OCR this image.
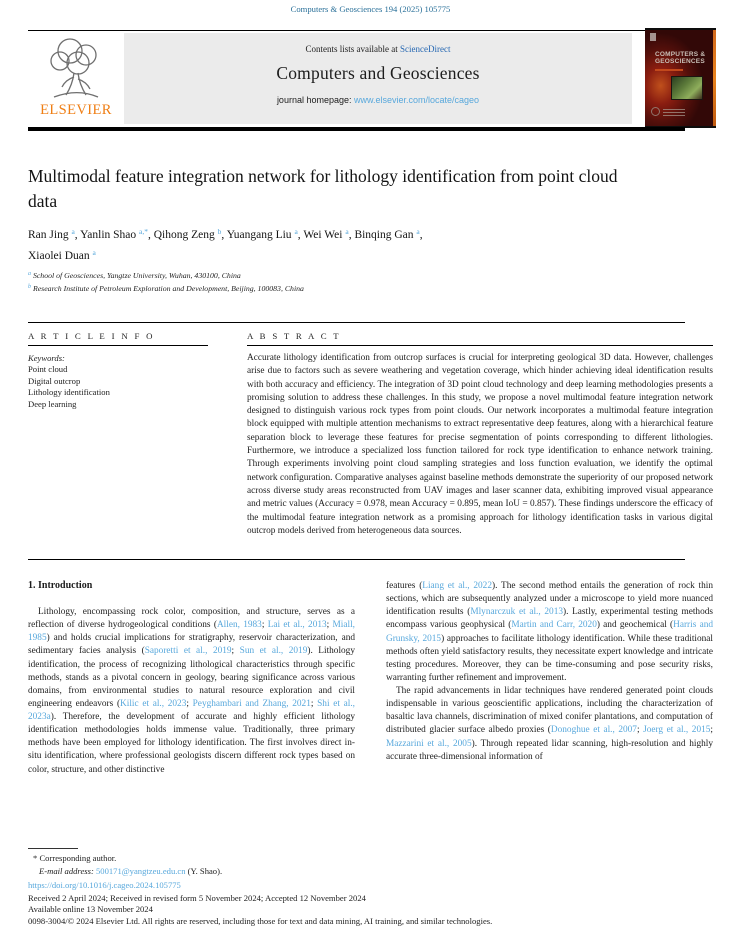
Computers & Geosciences 194 (2025) 105775
ELSEVIER
Contents lists available at ScienceDirect
Computers and Geosciences
journal homepage: www.elsevier.com/locate/cageo
COMPUTERS & GEOSCIENCES
Multimodal feature integration network for lithology identification from point cloud data
Ran Jing $^a$, Yanlin Shao $^{a,*}$, Qihong Zeng $^b$, Yuangang Liu $^a$, Wei Wei $^a$, Binqing Gan $^a$,
Xiaolei Duan $^a$
$^a$ School of Geosciences, Yangtze University, Wuhan, 430100, China
$^b$ Research Institute of Petroleum Exploration and Development, Beijing, 100083, China
A R T I C L E I N F O	A B S T R A C T
Keywords:
Point cloud
Digital outcrop
Lithology identification
Deep learning
Accurate lithology identification from outcrop surfaces is crucial for interpreting geological 3D data. However, challenges arise due to factors such as severe weathering and vegetation coverage, which hinder achieving ideal identification results with both accuracy and efficiency. The integration of 3D point cloud technology and deep learning methodologies presents a promising solution to address these challenges. In this study, we propose a novel multimodal feature integration network designed to distinguish various rock types from point clouds. Our network incorporates a multimodal feature integration block equipped with multiple attention mechanisms to extract representative deep features, along with a hierarchical feature separation block to leverage these features for precise segmentation of points corresponding to different lithologies. Furthermore, we introduce a specialized loss function tailored for rock type identification to enhance network training. Through experiments involving point cloud sampling strategies and loss function evaluation, we identify the optimal network configuration. Comparative analyses against baseline methods demonstrate the superiority of our proposed network across diverse study areas reconstructed from UAV images and laser scanner data, exhibiting improved visual appearance and metric values (Accuracy = 0.978, mean Accuracy = 0.895, mean IoU = 0.857). These findings underscore the efficacy of the multimodal feature integration network as a promising approach for lithology identification tasks in various digital outcrop models derived from heterogeneous data sources.
1. Introduction

Lithology, encompassing rock color, composition, and structure, serves as a reflection of diverse hydrogeological conditions (Allen, 1983; Lai et al., 2013; Miall, 1985) and holds crucial implications for stratigraphy, reservoir characterization, and sedimentary facies analysis (Saporetti et al., 2019; Sun et al., 2019). Lithology identification, the process of recognizing lithological characteristics through specific methods, stands as a pivotal concern in geology, bearing significance across various domains, from environmental studies to natural resource exploration and civil engineering endeavors (Kilic et al., 2023; Peyghambari and Zhang, 2021; Shi et al., 2023a). Therefore, the development of accurate and highly efficient lithology identification methodologies holds immense value. Traditionally, three primary methods have been employed for lithology identification. The first involves direct in-situ identification, where professional geologists discern different rock types based on color, structure, and other distinctive

features (Liang et al., 2022). The second method entails the generation of rock thin sections, which are subsequently analyzed under a microscope to yield more nuanced identification results (Mlynarczuk et al., 2013). Lastly, experimental testing methods encompass various geophysical (Martin and Carr, 2020) and geochemical (Harris and Grunsky, 2015) approaches to facilitate lithology identification. While these traditional methods often yield satisfactory results, they necessitate expert knowledge and intricate testing procedures. Moreover, they can be time-consuming and pose security risks, warranting further refinement and improvement.

The rapid advancements in lidar techniques have rendered generated point clouds indispensable in various geoscientific applications, including the characterization of basaltic lava channels, discrimination of mixed conifer plantations, and computation of distributed glacier surface albedo proxies (Donoghue et al., 2007; Joerg et al., 2015; Mazzarini et al., 2005). Through repeated lidar scanning, high-resolution and highly accurate three-dimensional information of

* Corresponding author.
E-mail address: 500171@yangtzeu.edu.cn (Y. Shao).
https://doi.org/10.1016/j.cageo.2024.105775
Received 2 April 2024; Received in revised form 5 November 2024; Accepted 12 November 2024
Available online 13 November 2024
0098-3004/© 2024 Elsevier Ltd. All rights are reserved, including those for text and data mining, AI training, and similar technologies.
